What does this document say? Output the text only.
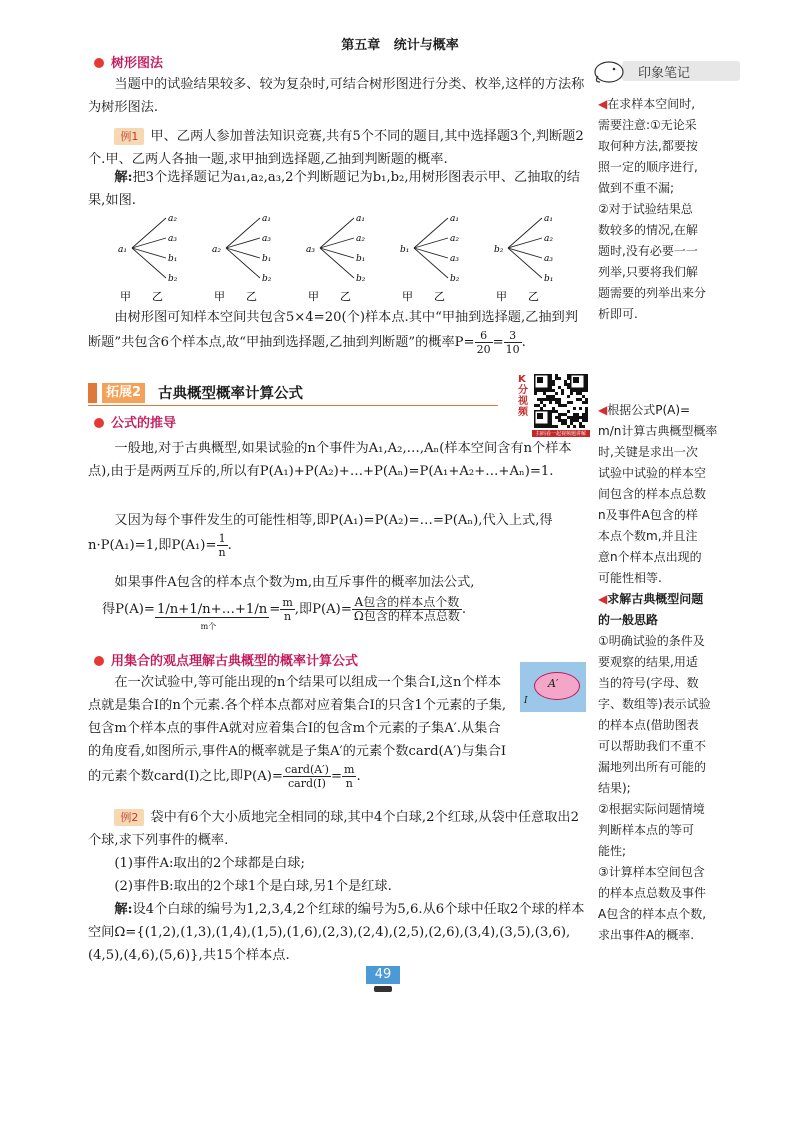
第五章 统计与概率
印象笔记
树形图法
当题中的试验结果较多、较为复杂时,可结合树形图进行分类、枚举,这样的方法称为树形图法.
例1 甲、乙两人参加普法知识竞赛,共有5个不同的题目,其中选择题3个,判断题2个.甲、乙两人各抽一题,求甲抽到选择题,乙抽到判断题的概率.
解:把3个选择题记为a₁,a₂,a₃,2个判断题记为b₁,b₂,用树形图表示甲、乙抽取的结果,如图.
a₁
a₂
a₃
b₁
b₂
甲 乙
a₂
a₁
a₃
b₁
b₂
甲 乙
a₃
a₁
a₂
b₁
b₂
甲 乙
b₁
a₁
a₂
a₃
b₂
甲 乙
b₂
a₁
a₂
a₃
b₁
甲 乙
由树形图可知样本空间共包含5×4=20(个)样本点.其中“甲抽到选择题,乙抽到判断题”共包含6个样本点,故“甲抽到选择题,乙抽到判断题”的概率$P= \frac{6}{20} = \frac{3}{10}$ .
◀在求样本空间时,
需要注意:①无论采
取何种方法,都要按
照一定的顺序进行,
做到不重不漏;
②对于试验结果总
数较多的情况,在解
题时,没有必要一一
列举,只要将我们解
题需要的列举出来分
析即可.
拓展2 古典概型概率计算公式
K
分视频
扫码看一起视频题讲解
公式的推导
一般地,对于古典概型,如果试验的n个事件为A₁,A₂,…,Aₙ(样本空间含有n个样本点),由于是两两互斥的,所以有P(A₁)+P(A₂)+…+P(Aₙ)=P(A₁+A₂+…+Aₙ)=1.
又因为每个事件发生的可能性相等,即P(A₁)=P(A₂)=…=P(Aₙ),代入上式,得n·P(A₁)=1,即$P(A_1)= \frac{1}{n}$ .
如果事件A包含的样本点个数为m,由互斥事件的概率加法公式,
得P(A)= 1/n+1/n+…+1/n
m个
= $\frac{m}{n}$ ,即P(A)= A包含的样本点个数
Ω包含的样本点总数 .
◀根据公式P(A)=
m/n计算古典概型概率
时,关键是求出一次
试验中试验的样本空
间包含的样本点总数
n及事件A包含的样
本点个数m,并且注
意n个样本点出现的
可能性相等.
◀求解古典概型问题
的一般思路
①明确试验的条件及
要观察的结果,用适
当的符号(字母、数
字、数组等)表示试验
的样本点(借助图表
可以帮助我们不重不
漏地列出所有可能的
结果);
②根据实际问题情境
判断样本点的等可
能性;
③计算样本空间包含
的样本点总数及事件
A包含的样本点个数,
求出事件A的概率.
用集合的观点理解古典概型的概率计算公式
在一次试验中,等可能出现的n个结果可以组成一个集合I,这n个样本点就是集合I的n个元素.各个样本点都对应着集合I的只含1个元素的子集,包含m个样本点的事件A就对应着集合I的包含m个元素的子集A′.从集合的角度看,如图所示,事件A的概率就是子集A′的元素个数card(A′)与集合I的元素个数card(I)之比,即P(A)= card(A′)
card(I) = $\frac{m}{n}$ .
A′
I
例2 袋中有6个大小质地完全相同的球,其中4个白球,2个红球,从袋中任意取出2个球,求下列事件的概率.
(1)事件A:取出的2个球都是白球;
(2)事件B:取出的2个球1个是白球,另1个是红球.
解:设4个白球的编号为1,2,3,4,2个红球的编号为5,6.从6个球中任取2个球的样本空间Ω={(1,2),(1,3),(1,4),(1,5),(1,6),(2,3),(2,4),(2,5),(2,6),(3,4),(3,5),(3,6),(4,5),(4,6),(5,6)},共15个样本点.
49
